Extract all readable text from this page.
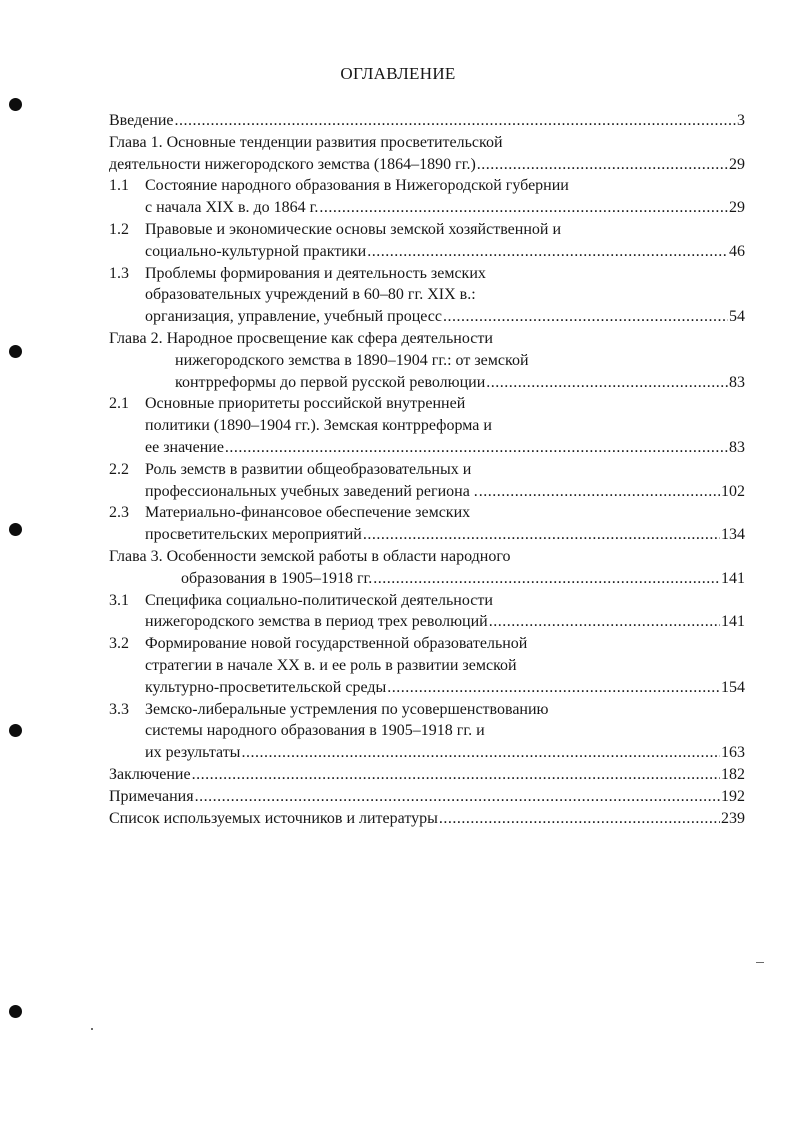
ОГЛАВЛЕНИЕ
Введение .....	3
Глава 1. Основные тенденции развития просветительской
деятельности нижегородского земства (1864–1890 гг.) .....	29
1.1 Состояние народного образования в Нижегородской губернии
с начала XIX в. до 1864 г. .....	29
1.2 Правовые и экономические основы земской хозяйственной и
социально-культурной практики .....	46
1.3 Проблемы формирования и деятельность земских
образовательных учреждений в 60–80 гг. XIX в.:
организация, управление, учебный процесс .....	54
Глава 2. Народное просвещение как сфера деятельности
нижегородского земства в 1890–1904 гг.: от земской
контрреформы до первой русской революции .....	83
2.1 Основные приоритеты российской внутренней
политики (1890–1904 гг.). Земская контрреформа и
ее значение .....	83
2.2 Роль земств в развитии общеобразовательных и
профессиональных учебных заведений региона . .....	102
2.3 Материально-финансовое обеспечение земских
просветительских мероприятий .....	134
Глава 3. Особенности земской работы в области народного
образования в 1905–1918 гг. .....	141
3.1 Специфика социально-политической деятельности
нижегородского земства в период трех революций .....	141
3.2 Формирование новой государственной образовательной
стратегии в начале XX в. и ее роль в развитии земской
культурно-просветительской среды .....	154
3.3 Земско-либеральные устремления по усовершенствованию
системы народного образования в 1905–1918 гг. и
их результаты .....	163
Заключение .....	182
Примечания .....	192
Список используемых источников и литературы .....	239
